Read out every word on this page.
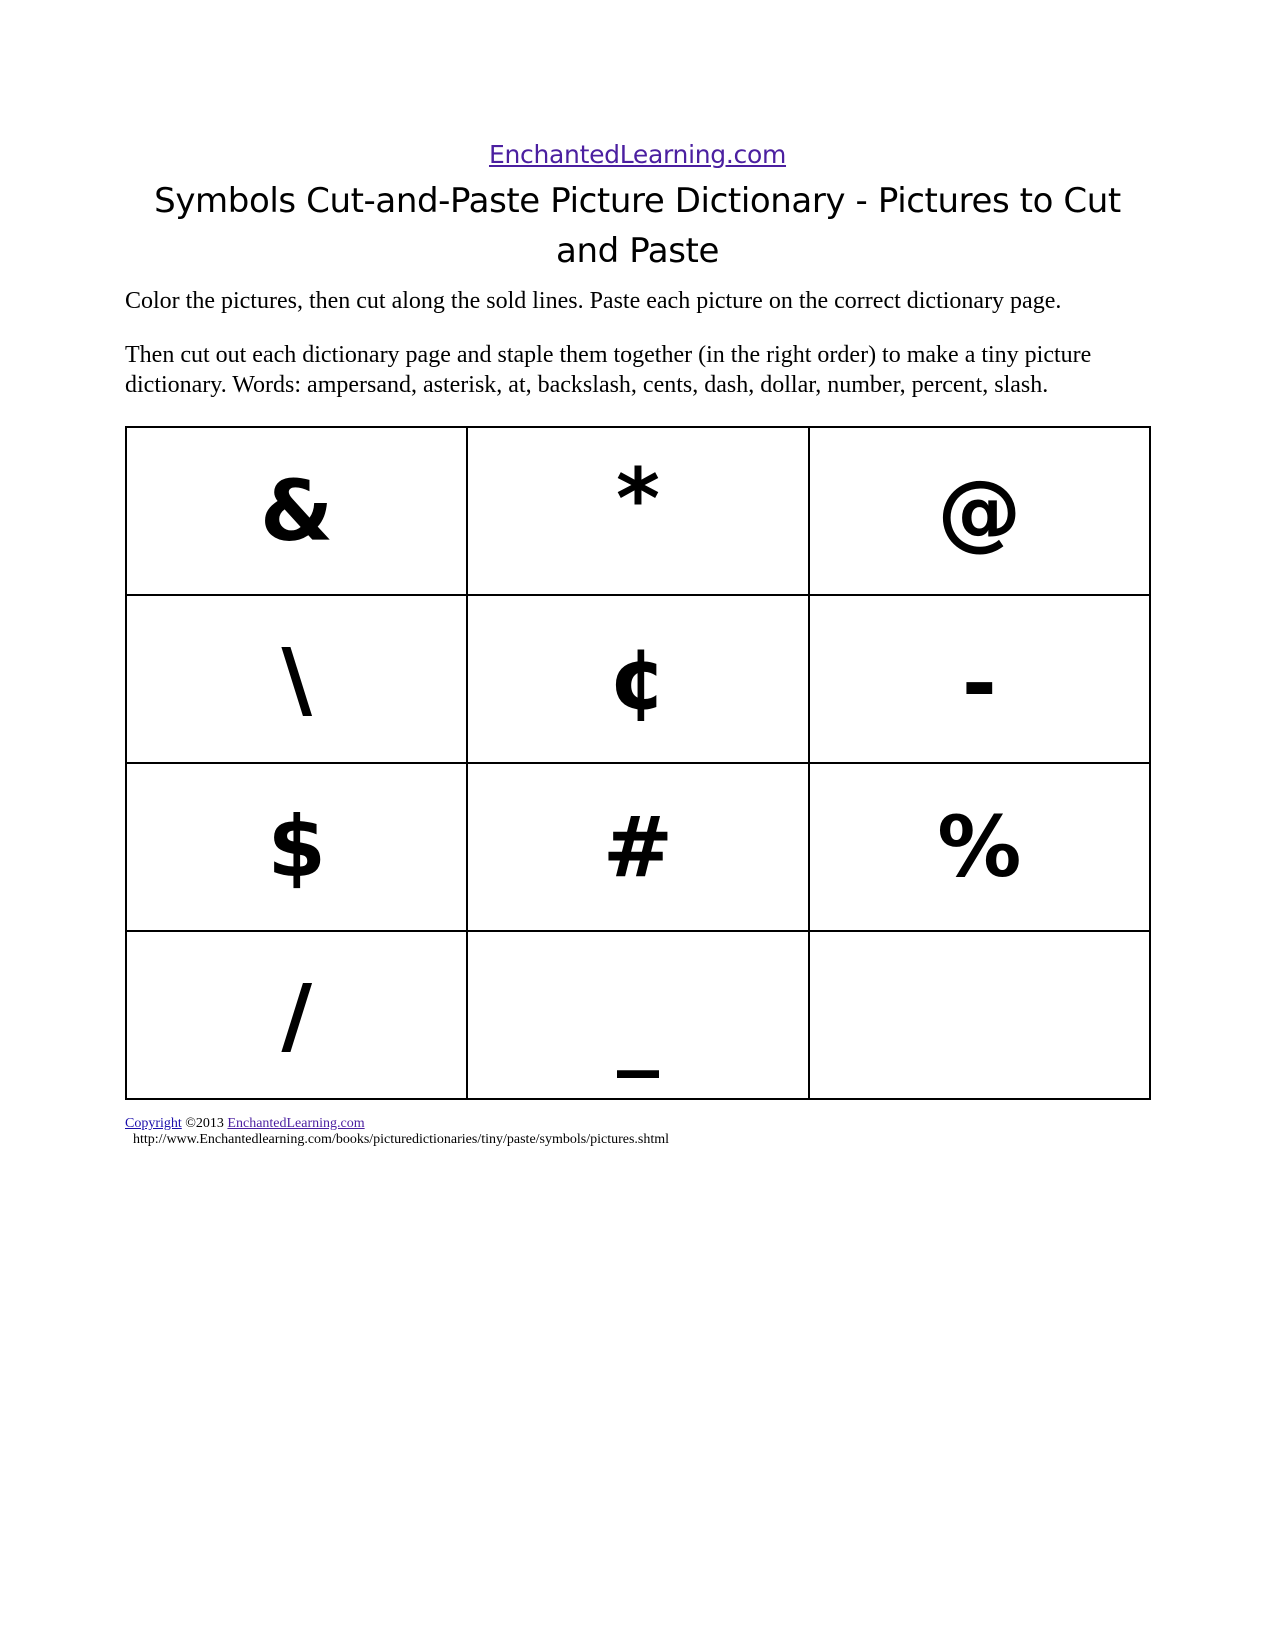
EnchantedLearning.com
Symbols Cut-and-Paste Picture Dictionary - Pictures to Cut and Paste

Color the pictures, then cut along the sold lines. Paste each picture on the correct dictionary page.

Then cut out each dictionary page and staple them together (in the right order) to make a tiny picture dictionary. Words: ampersand, asterisk, at, backslash, cents, dash, dollar, number, percent, slash.

&	*	@
\	¢	-
$	#	%
/	_	
Copyright ©2013 EnchantedLearning.com
http://www.Enchantedlearning.com/books/picturedictionaries/tiny/paste/symbols/pictures.shtml
